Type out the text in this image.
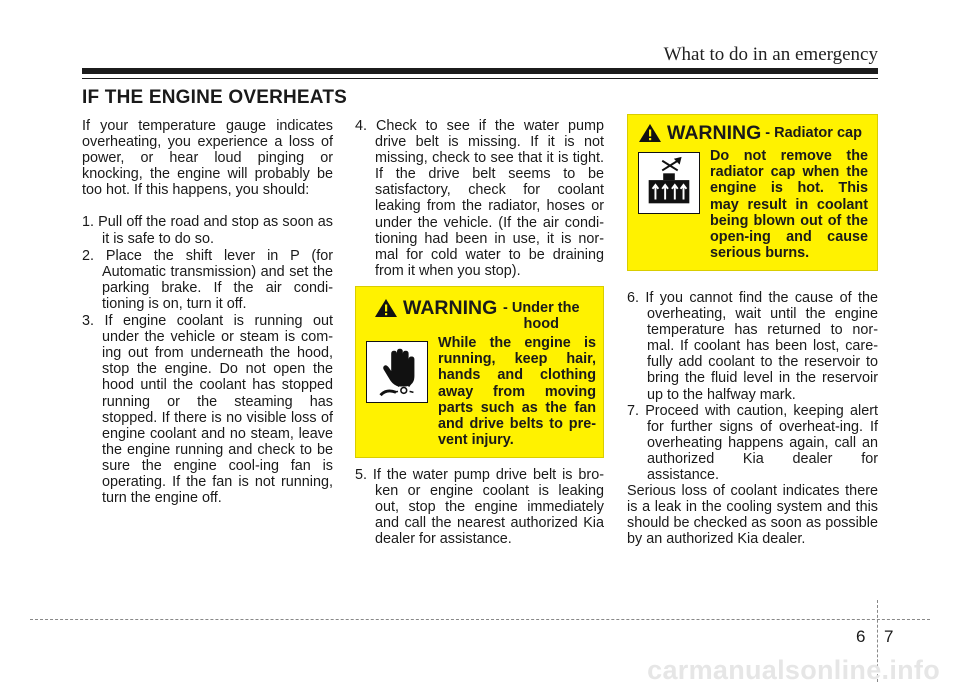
What to do in an emergency
IF THE ENGINE OVERHEATS

If your temperature gauge indicates overheating, you experience a loss of power, or hear loud pinging or knocking, the engine will probably be too hot. If this happens, you should:

1. Pull off the road and stop as soon as it is safe to do so.

2. Place the shift lever in P (for Automatic transmission) and set the parking brake. If the air condi-tioning is on, turn it off.

3. If engine coolant is running out under the vehicle or steam is com-ing out from underneath the hood, stop the engine. Do not open the hood until the coolant has stopped running or the steaming has stopped. If there is no visible loss of engine coolant and no steam, leave the engine running and check to be sure the engine cool-ing fan is operating. If the fan is not running, turn the engine off.

4. Check to see if the water pump drive belt is missing. If it is not missing, check to see that it is tight. If the drive belt seems to be satisfactory, check for coolant leaking from the radiator, hoses or under the vehicle. (If the air condi-tioning had been in use, it is nor-mal for cold water to be draining from it when you stop).

WARNING - Under the hood
While the engine is running, keep hair, hands and clothing away from moving parts such as the fan and drive belts to pre-vent injury.

5. If the water pump drive belt is bro-ken or engine coolant is leaking out, stop the engine immediately and call the nearest authorized Kia dealer for assistance.

WARNING - Radiator cap
Do not remove the radiator cap when the engine is hot. This may result in coolant being blown out of the open-ing and cause serious burns.

6. If you cannot find the cause of the overheating, wait until the engine temperature has returned to nor-mal. If coolant has been lost, care-fully add coolant to the reservoir to bring the fluid level in the reservoir up to the halfway mark.

7. Proceed with caution, keeping alert for further signs of overheat-ing. If overheating happens again, call an authorized Kia dealer for assistance.

Serious loss of coolant indicates there is a leak in the cooling system and this should be checked as soon as possible by an authorized Kia dealer.

6 7
carmanualsonline.info
